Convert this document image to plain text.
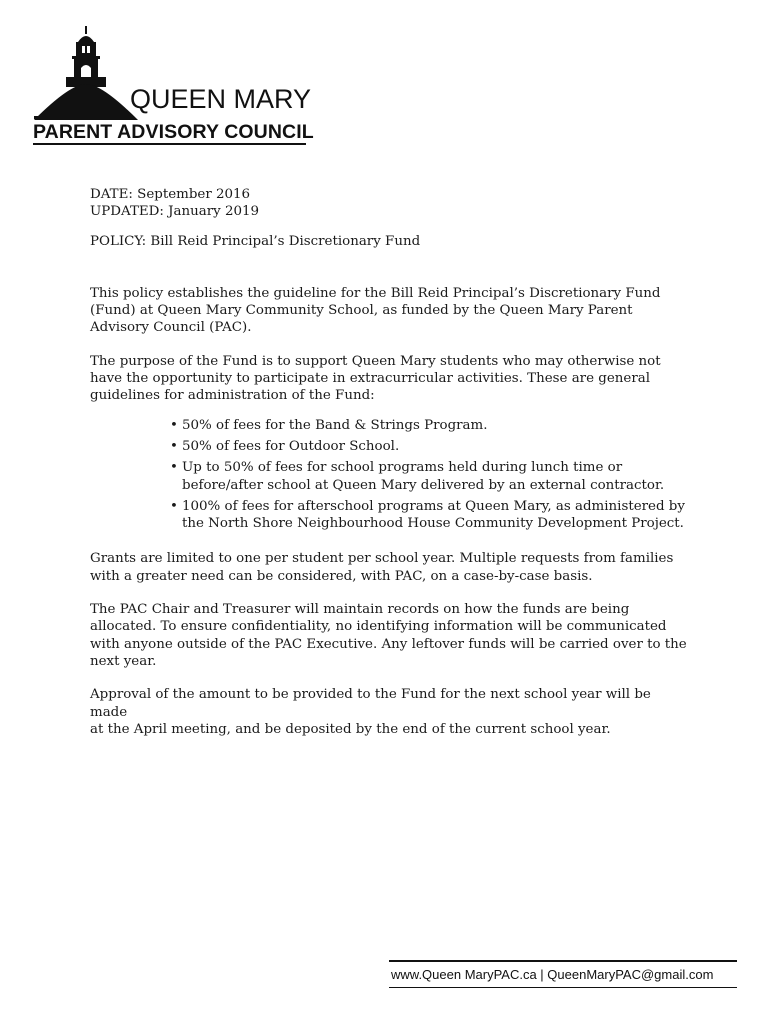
QUEEN MARY
PARENT ADVISORY COUNCIL

DATE: September 2016

UPDATED: January 2019

POLICY: Bill Reid Principal’s Discretionary Fund

This policy establishes the guideline for the Bill Reid Principal’s Discretionary Fund
(Fund) at Queen Mary Community School, as funded by the Queen Mary Parent
Advisory Council (PAC).

The purpose of the Fund is to support Queen Mary students who may otherwise not
have the opportunity to participate in extracurricular activities. These are general
guidelines for administration of the Fund:

• 50% of fees for the Band & Strings Program.
• 50% of fees for Outdoor School.
• Up to 50% of fees for school programs held during lunch time or
before/after school at Queen Mary delivered by an external contractor.
• 100% of fees for afterschool programs at Queen Mary, as administered by
the North Shore Neighbourhood House Community Development Project.

Grants are limited to one per student per school year. Multiple requests from families
with a greater need can be considered, with PAC, on a case-by-case basis.

The PAC Chair and Treasurer will maintain records on how the funds are being
allocated. To ensure confidentiality, no identifying information will be communicated
with anyone outside of the PAC Executive. Any leftover funds will be carried over to the
next year.

Approval of the amount to be provided to the Fund for the next school year will be made
at the April meeting, and be deposited by the end of the current school year.

www.Queen MaryPAC.ca | QueenMaryPAC@gmail.com
